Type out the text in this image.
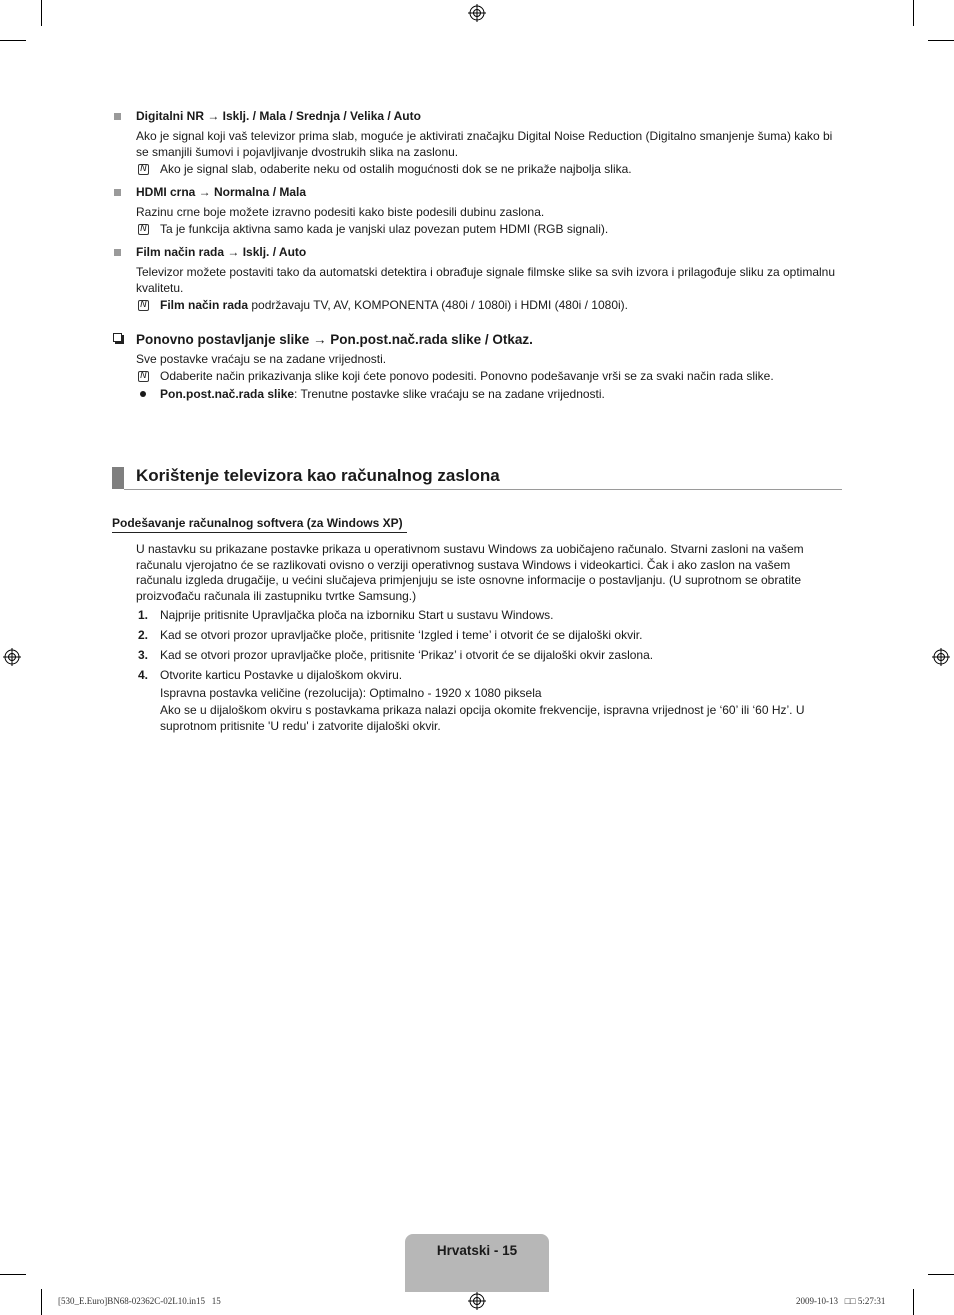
Digitalni NR → Isklj. / Mala / Srednja / Velika / Auto
Ako je signal koji vaš televizor prima slab, moguće je aktivirati značajku Digital Noise Reduction (Digitalno smanjenje šuma) kako bi se smanjili šumovi i pojavljivanje dvostrukih slika na zaslonu.
N Ako je signal slab, odaberite neku od ostalih mogućnosti dok se ne prikaže najbolja slika.
HDMI crna → Normalna / Mala
Razinu crne boje možete izravno podesiti kako biste podesili dubinu zaslona.
N Ta je funkcija aktivna samo kada je vanjski ulaz povezan putem HDMI (RGB signali).
Film način rada → Isklj. / Auto
Televizor možete postaviti tako da automatski detektira i obrađuje signale filmske slike sa svih izvora i prilagođuje sliku za optimalnu kvalitetu.
N Film način rada podržavaju TV, AV, KOMPONENTA (480i / 1080i) i HDMI (480i / 1080i).
Ponovno postavljanje slike → Pon.post.nač.rada slike / Otkaz.
Sve postavke vraćaju se na zadane vrijednosti.
N Odaberite način prikazivanja slike koji ćete ponovo podesiti. Ponovno podešavanje vrši se za svaki način rada slike.
Pon.post.nač.rada slike: Trenutne postavke slike vraćaju se na zadane vrijednosti.
Korištenje televizora kao računalnog zaslona
Podešavanje računalnog softvera (za Windows XP)
U nastavku su prikazane postavke prikaza u operativnom sustavu Windows za uobičajeno računalo. Stvarni zasloni na vašem računalu vjerojatno će se razlikovati ovisno o verziji operativnog sustava Windows i videokartici. Čak i ako zaslon na vašem računalu izgleda drugačije, u većini slučajeva primjenjuju se iste osnovne informacije o postavljanju. (U suprotnom se obratite proizvođaču računala ili zastupniku tvrtke Samsung.)
1. Najprije pritisnite Upravljačka ploča na izborniku Start u sustavu Windows.
2. Kad se otvori prozor upravljačke ploče, pritisnite ‘Izgled i teme’ i otvorit će se dijaloški okvir.
3. Kad se otvori prozor upravljačke ploče, pritisnite ‘Prikaz’ i otvorit će se dijaloški okvir zaslona.
4. Otvorite karticu Postavke u dijaloškom okviru.
Ispravna postavka veličine (rezolucija): Optimalno - 1920 x 1080 piksela
Ako se u dijaloškom okviru s postavkama prikaza nalazi opcija okomite frekvencije, ispravna vrijednost je ‘60’ ili ‘60 Hz’. U suprotnom pritisnite 'U redu' i zatvorite dijaloški okvir.
Hrvatski - 15
[530_E.Euro]BN68-02362C-02L10.in15   15	2009-10-13   □□ 5:27:31
